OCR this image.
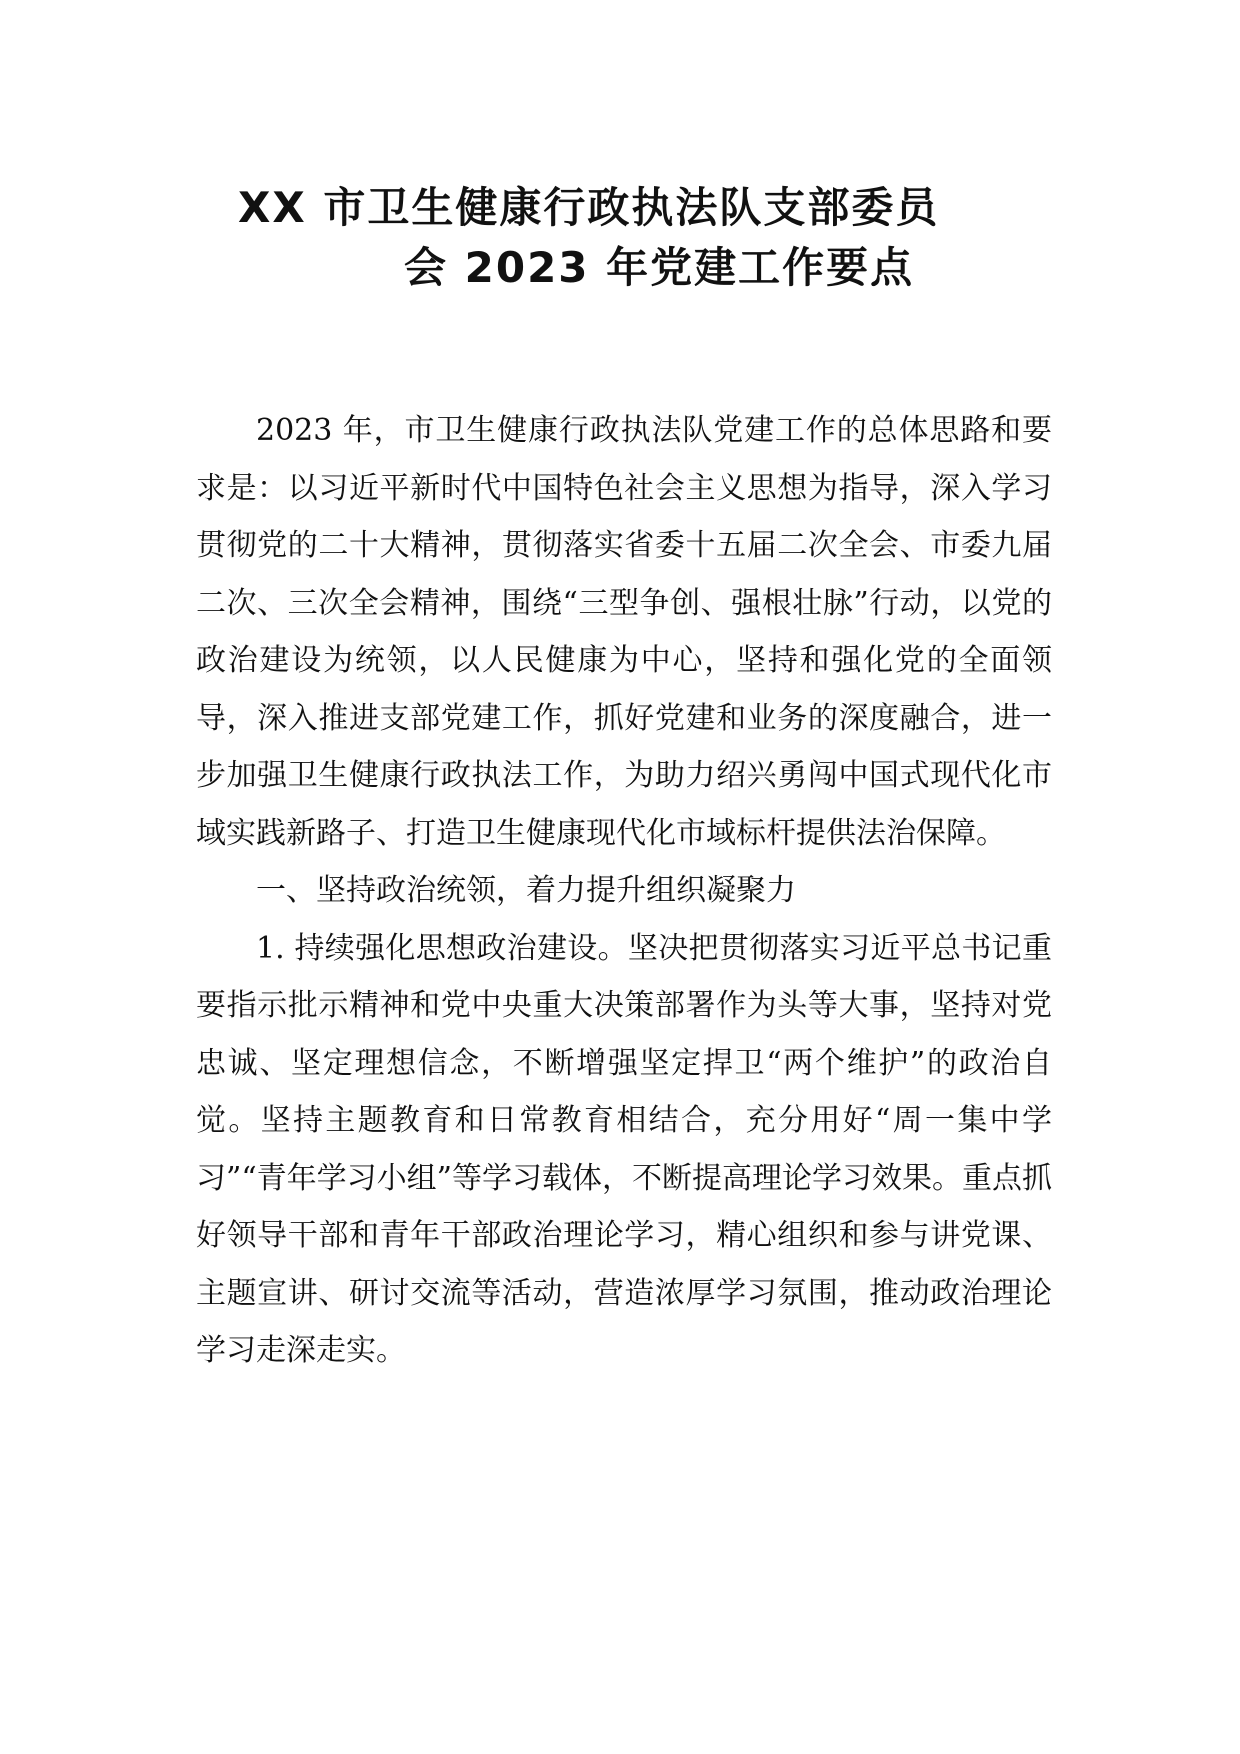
XX 市卫生健康行政执法队支部委员
会 2023 年党建工作要点

2023 年，市卫生健康行政执法队党建工作的总体思路和要求是：以习近平新时代中国特色社会主义思想为指导，深入学习贯彻党的二十大精神，贯彻落实省委十五届二次全会、市委九届二次、三次全会精神，围绕“三型争创、强根壮脉”行动，以党的政治建设为统领，以人民健康为中心，坚持和强化党的全面领导，深入推进支部党建工作，抓好党建和业务的深度融合，进一步加强卫生健康行政执法工作，为助力绍兴勇闯中国式现代化市域实践新路子、打造卫生健康现代化市域标杆提供法治保障。

一、坚持政治统领，着力提升组织凝聚力

1. 持续强化思想政治建设。坚决把贯彻落实习近平总书记重要指示批示精神和党中央重大决策部署作为头等大事，坚持对党忠诚、坚定理想信念，不断增强坚定捍卫“两个维护”的政治自觉。坚持主题教育和日常教育相结合，充分用好“周一集中学习”“青年学习小组”等学习载体，不断提高理论学习效果。重点抓好领导干部和青年干部政治理论学习，精心组织和参与讲党课、主题宣讲、研讨交流等活动，营造浓厚学习氛围，推动政治理论学习走深走实。
